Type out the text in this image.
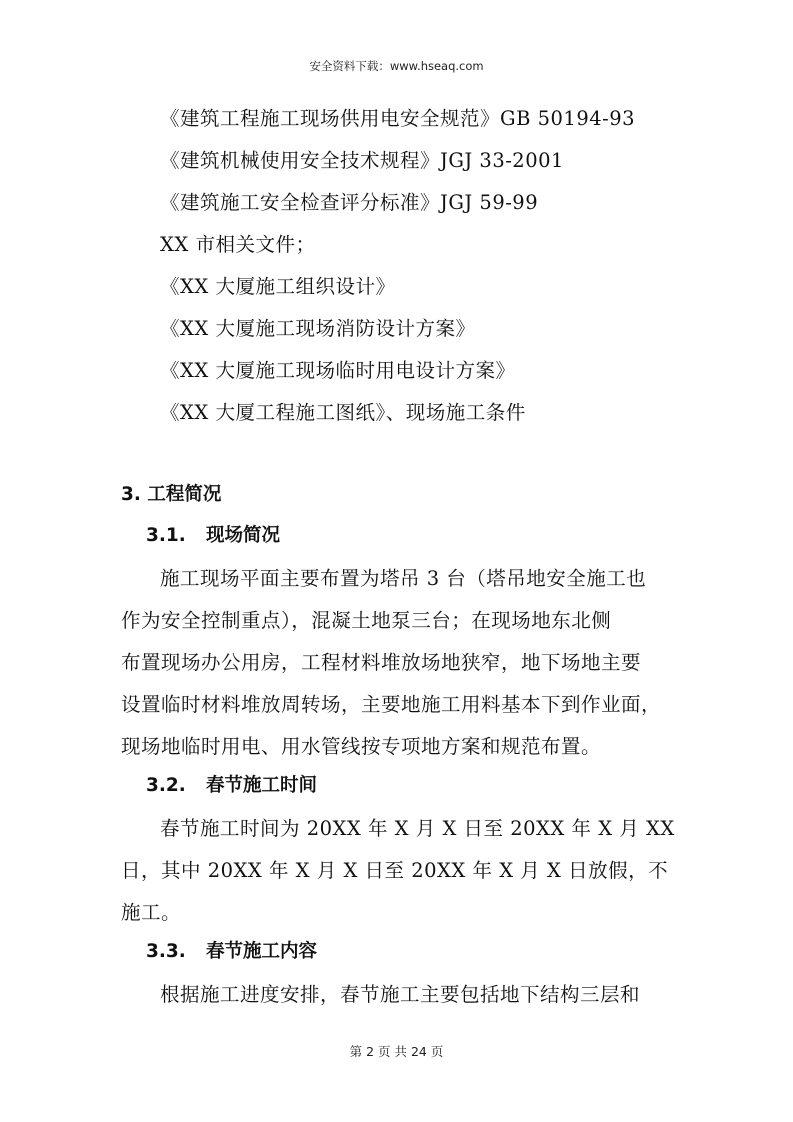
安全资料下载：www.hseaq.com
《建筑工程施工现场供用电安全规范》GB 50194-93
《建筑机械使用安全技术规程》JGJ 33-2001
《建筑施工安全检查评分标准》JGJ 59-99
XX 市相关文件；
《XX 大厦施工组织设计》
《XX 大厦施工现场消防设计方案》
《XX 大厦施工现场临时用电设计方案》
《XX 大厦工程施工图纸》、现场施工条件
3. 工程简况
3.1. 现场简况
施工现场平面主要布置为塔吊 3 台（塔吊地安全施工也
作为安全控制重点），混凝土地泵三台；在现场地东北侧
布置现场办公用房，工程材料堆放场地狭窄，地下场地主要
设置临时材料堆放周转场，主要地施工用料基本下到作业面，
现场地临时用电、用水管线按专项地方案和规范布置。
3.2. 春节施工时间
春节施工时间为 20XX 年 X 月 X 日至 20XX 年 X 月 XX
日，其中 20XX 年 X 月 X 日至 20XX 年 X 月 X 日放假，不
施工。
3.3. 春节施工内容
根据施工进度安排，春节施工主要包括地下结构三层和
第 2 页 共 24 页
